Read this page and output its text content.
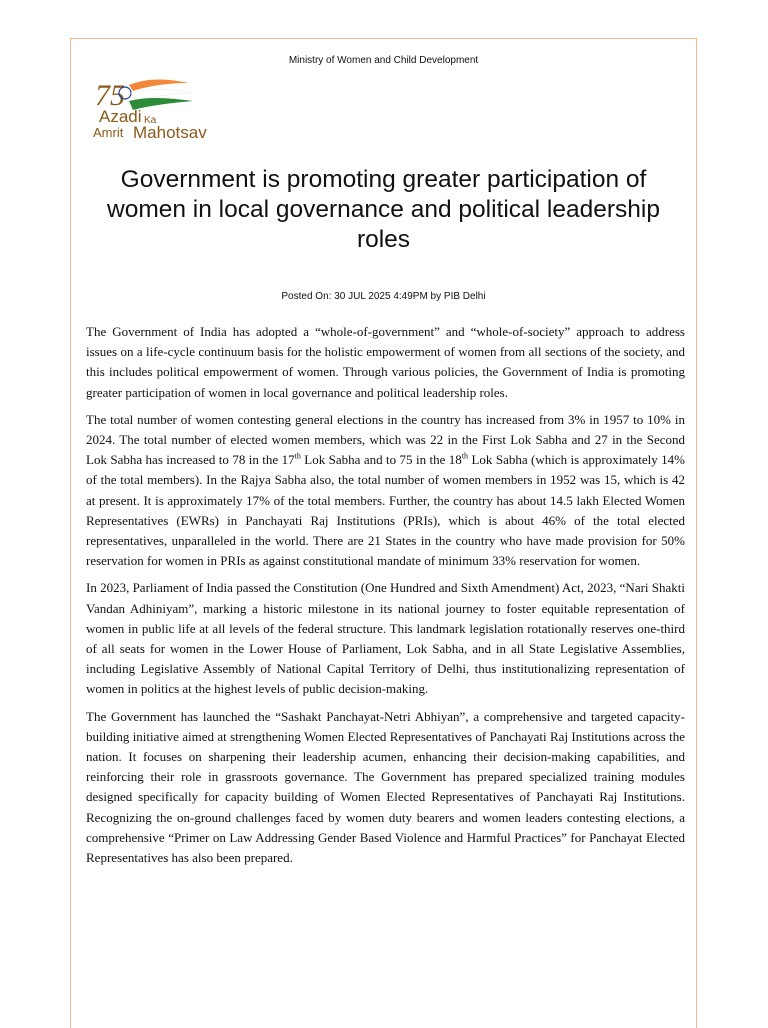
Ministry of Women and Child Development
75
Azadi Ka
Amrit Mahotsav
Government is promoting greater participation of women in local governance and political leadership roles
Posted On: 30 JUL 2025 4:49PM by PIB Delhi

The Government of India has adopted a “whole-of-government” and “whole-of-society” approach to address issues on a life-cycle continuum basis for the holistic empowerment of women from all sections of the society, and this includes political empowerment of women. Through various policies, the Government of India is promoting greater participation of women in local governance and political leadership roles.

The total number of women contesting general elections in the country has increased from 3% in 1957 to 10% in 2024. The total number of elected women members, which was 22 in the First Lok Sabha and 27 in the Second Lok Sabha has increased to 78 in the 17th Lok Sabha and to 75 in the 18th Lok Sabha (which is approximately 14% of the total members). In the Rajya Sabha also, the total number of women members in 1952 was 15, which is 42 at present. It is approximately 17% of the total members. Further, the country has about 14.5 lakh Elected Women Representatives (EWRs) in Panchayati Raj Institutions (PRIs), which is about 46% of the total elected representatives, unparalleled in the world. There are 21 States in the country who have made provision for 50% reservation for women in PRIs as against constitutional mandate of minimum 33% reservation for women.

In 2023, Parliament of India passed the Constitution (One Hundred and Sixth Amendment) Act, 2023, “Nari Shakti Vandan Adhiniyam”, marking a historic milestone in its national journey to foster equitable representation of women in public life at all levels of the federal structure. This landmark legislation rotationally reserves one-third of all seats for women in the Lower House of Parliament, Lok Sabha, and in all State Legislative Assemblies, including Legislative Assembly of National Capital Territory of Delhi, thus institutionalizing representation of women in politics at the highest levels of public decision-making.

The Government has launched the “Sashakt Panchayat-Netri Abhiyan”, a comprehensive and targeted capacity-building initiative aimed at strengthening Women Elected Representatives of Panchayati Raj Institutions across the nation. It focuses on sharpening their leadership acumen, enhancing their decision-making capabilities, and reinforcing their role in grassroots governance. The Government has prepared specialized training modules designed specifically for capacity building of Women Elected Representatives of Panchayati Raj Institutions. Recognizing the on-ground challenges faced by women duty bearers and women leaders contesting elections, a comprehensive “Primer on Law Addressing Gender Based Violence and Harmful Practices” for Panchayat Elected Representatives has also been prepared.
